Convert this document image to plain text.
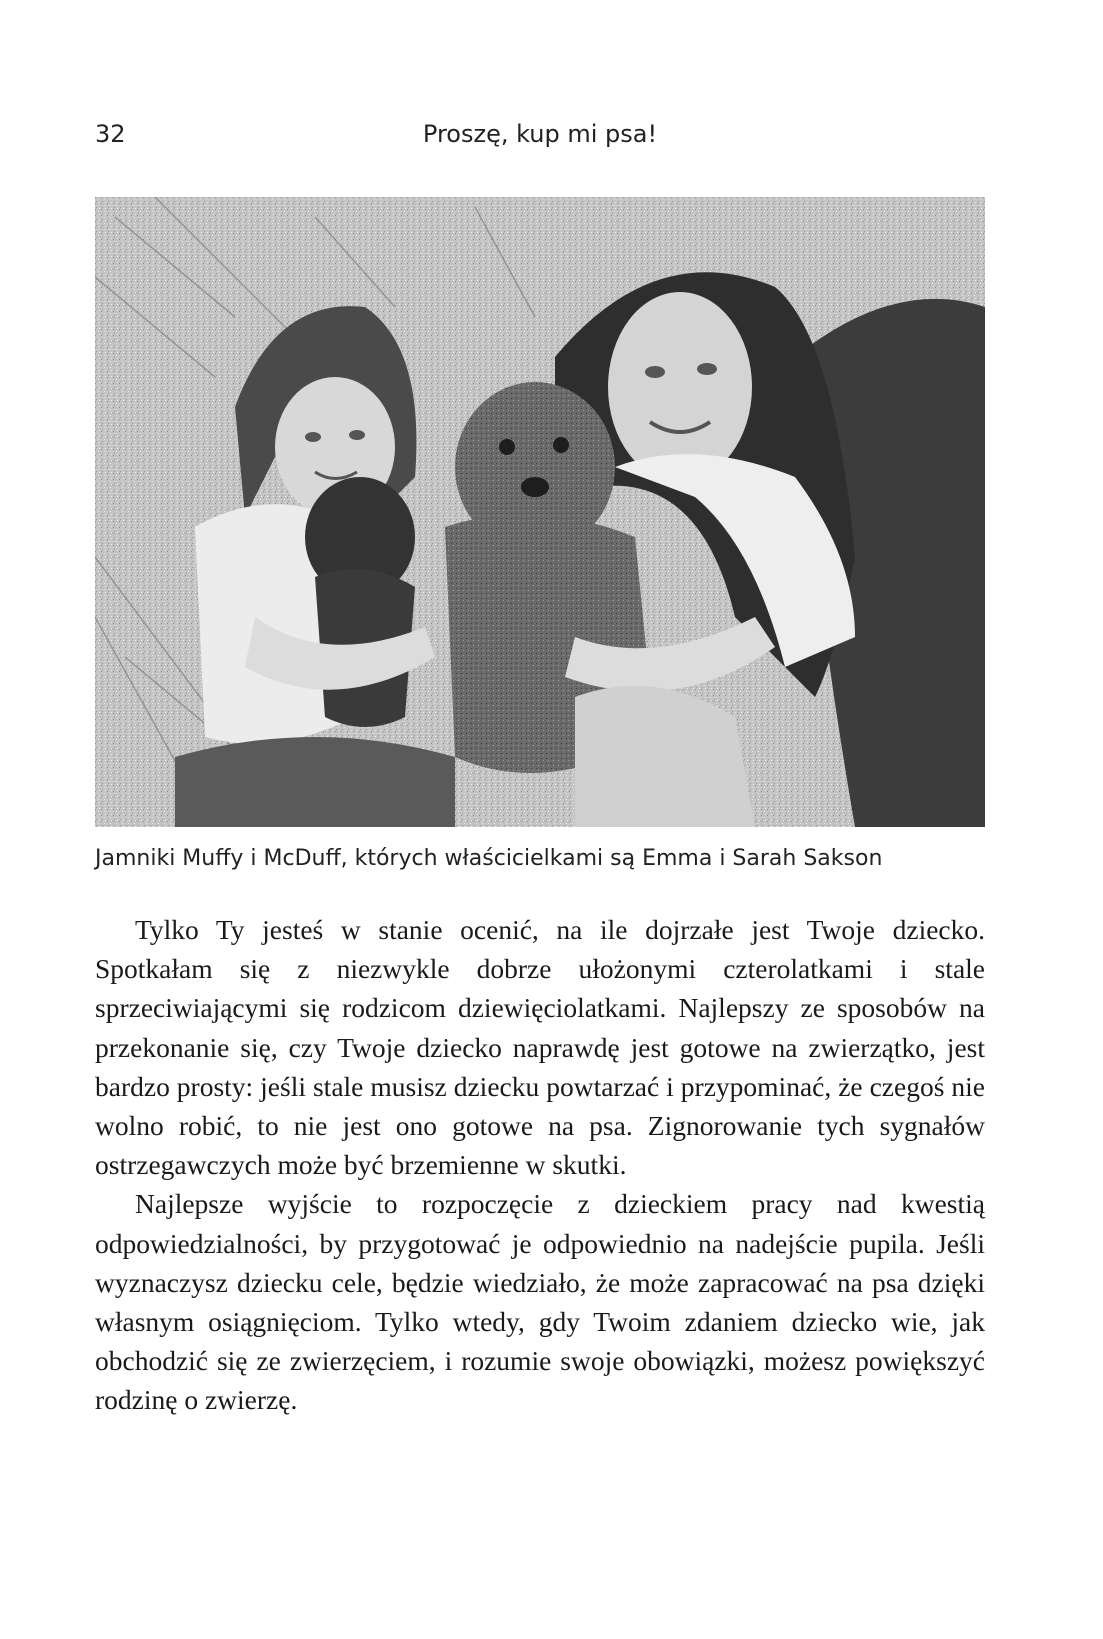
32	Proszę, kup mi psa!
Jamniki Muffy i McDuff, których właścicielkami są Emma i Sarah Sakson

Tylko Ty jesteś w stanie ocenić, na ile dojrzałe jest Twoje dziecko. Spotkałam się z niezwykle dobrze ułożonymi czterolatkami i stale sprzeciwiającymi się rodzicom dziewięciolatkami. Najlepszy ze sposobów na przekonanie się, czy Twoje dziecko naprawdę jest gotowe na zwierzątko, jest bardzo prosty: jeśli stale musisz dziecku powtarzać i przypominać, że czegoś nie wolno robić, to nie jest ono gotowe na psa. Zignorowanie tych sygnałów ostrzegawczych może być brzemienne w skutki.

Najlepsze wyjście to rozpoczęcie z dzieckiem pracy nad kwestią odpowiedzialności, by przygotować je odpowiednio na nadejście pupila. Jeśli wyznaczysz dziecku cele, będzie wiedziało, że może zapracować na psa dzięki własnym osiągnięciom. Tylko wtedy, gdy Twoim zdaniem dziecko wie, jak obchodzić się ze zwierzęciem, i rozumie swoje obowiązki, możesz powiększyć rodzinę o zwierzę.
